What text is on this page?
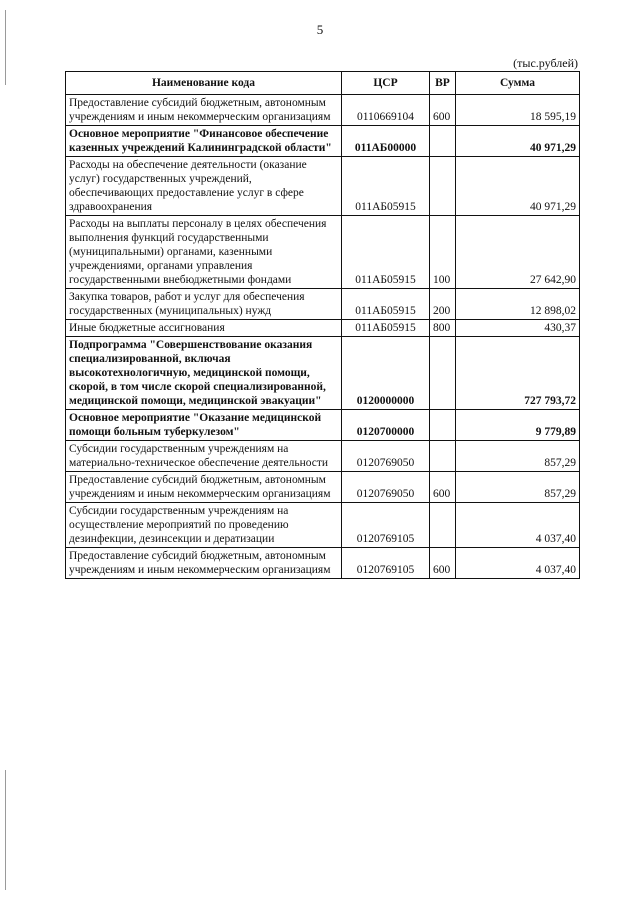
5
(тыс.рублей)
Наименование кода	ЦСР	ВР	Сумма
Предоставление субсидий бюджетным, автономным учреждениям и иным некоммерческим организациям	0110669104	600	18 595,19
Основное мероприятие "Финансовое обеспечение казенных учреждений Калининградской области"	011АБ00000		40 971,29
Расходы на обеспечение деятельности (оказание услуг) государственных учреждений, обеспечивающих предоставление услуг в сфере здравоохранения	011АБ05915		40 971,29
Расходы на выплаты персоналу в целях обеспечения выполнения функций государственными (муниципальными) органами, казенными учреждениями, органами управления государственными внебюджетными фондами	011АБ05915	100	27 642,90
Закупка товаров, работ и услуг для обеспечения государственных (муниципальных) нужд	011АБ05915	200	12 898,02
Иные бюджетные ассигнования	011АБ05915	800	430,37
Подпрограмма "Совершенствование оказания специализированной, включая высокотехнологичную, медицинской помощи, скорой, в том числе скорой специализированной, медицинской помощи, медицинской эвакуации"	0120000000		727 793,72
Основное мероприятие "Оказание медицинской помощи больным туберкулезом"	0120700000		9 779,89
Субсидии государственным учреждениям на материально-техническое обеспечение деятельности	0120769050		857,29
Предоставление субсидий бюджетным, автономным учреждениям и иным некоммерческим организациям	0120769050	600	857,29
Субсидии государственным учреждениям на осуществление мероприятий по проведению дезинфекции, дезинсекции и дератизации	0120769105		4 037,40
Предоставление субсидий бюджетным, автономным учреждениям и иным некоммерческим организациям	0120769105	600	4 037,40
